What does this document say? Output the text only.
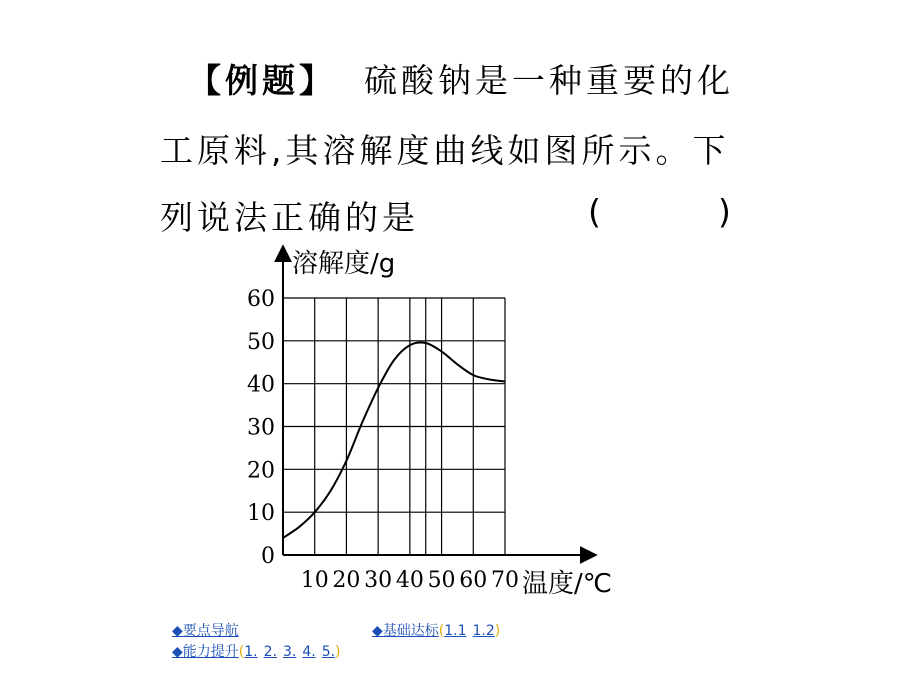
【例题】 硫酸钠是一种重要的化
工原料,其溶解度曲线如图所示。下
列说法正确的是	(	)
0
10
20
30
40
50
60
10 20 30 40 50 60 70
溶解度/g
温度/℃
◆要点导航	◆基础达标(1.1 1.2)
◆能力提升(1. 2. 3. 4. 5.)
